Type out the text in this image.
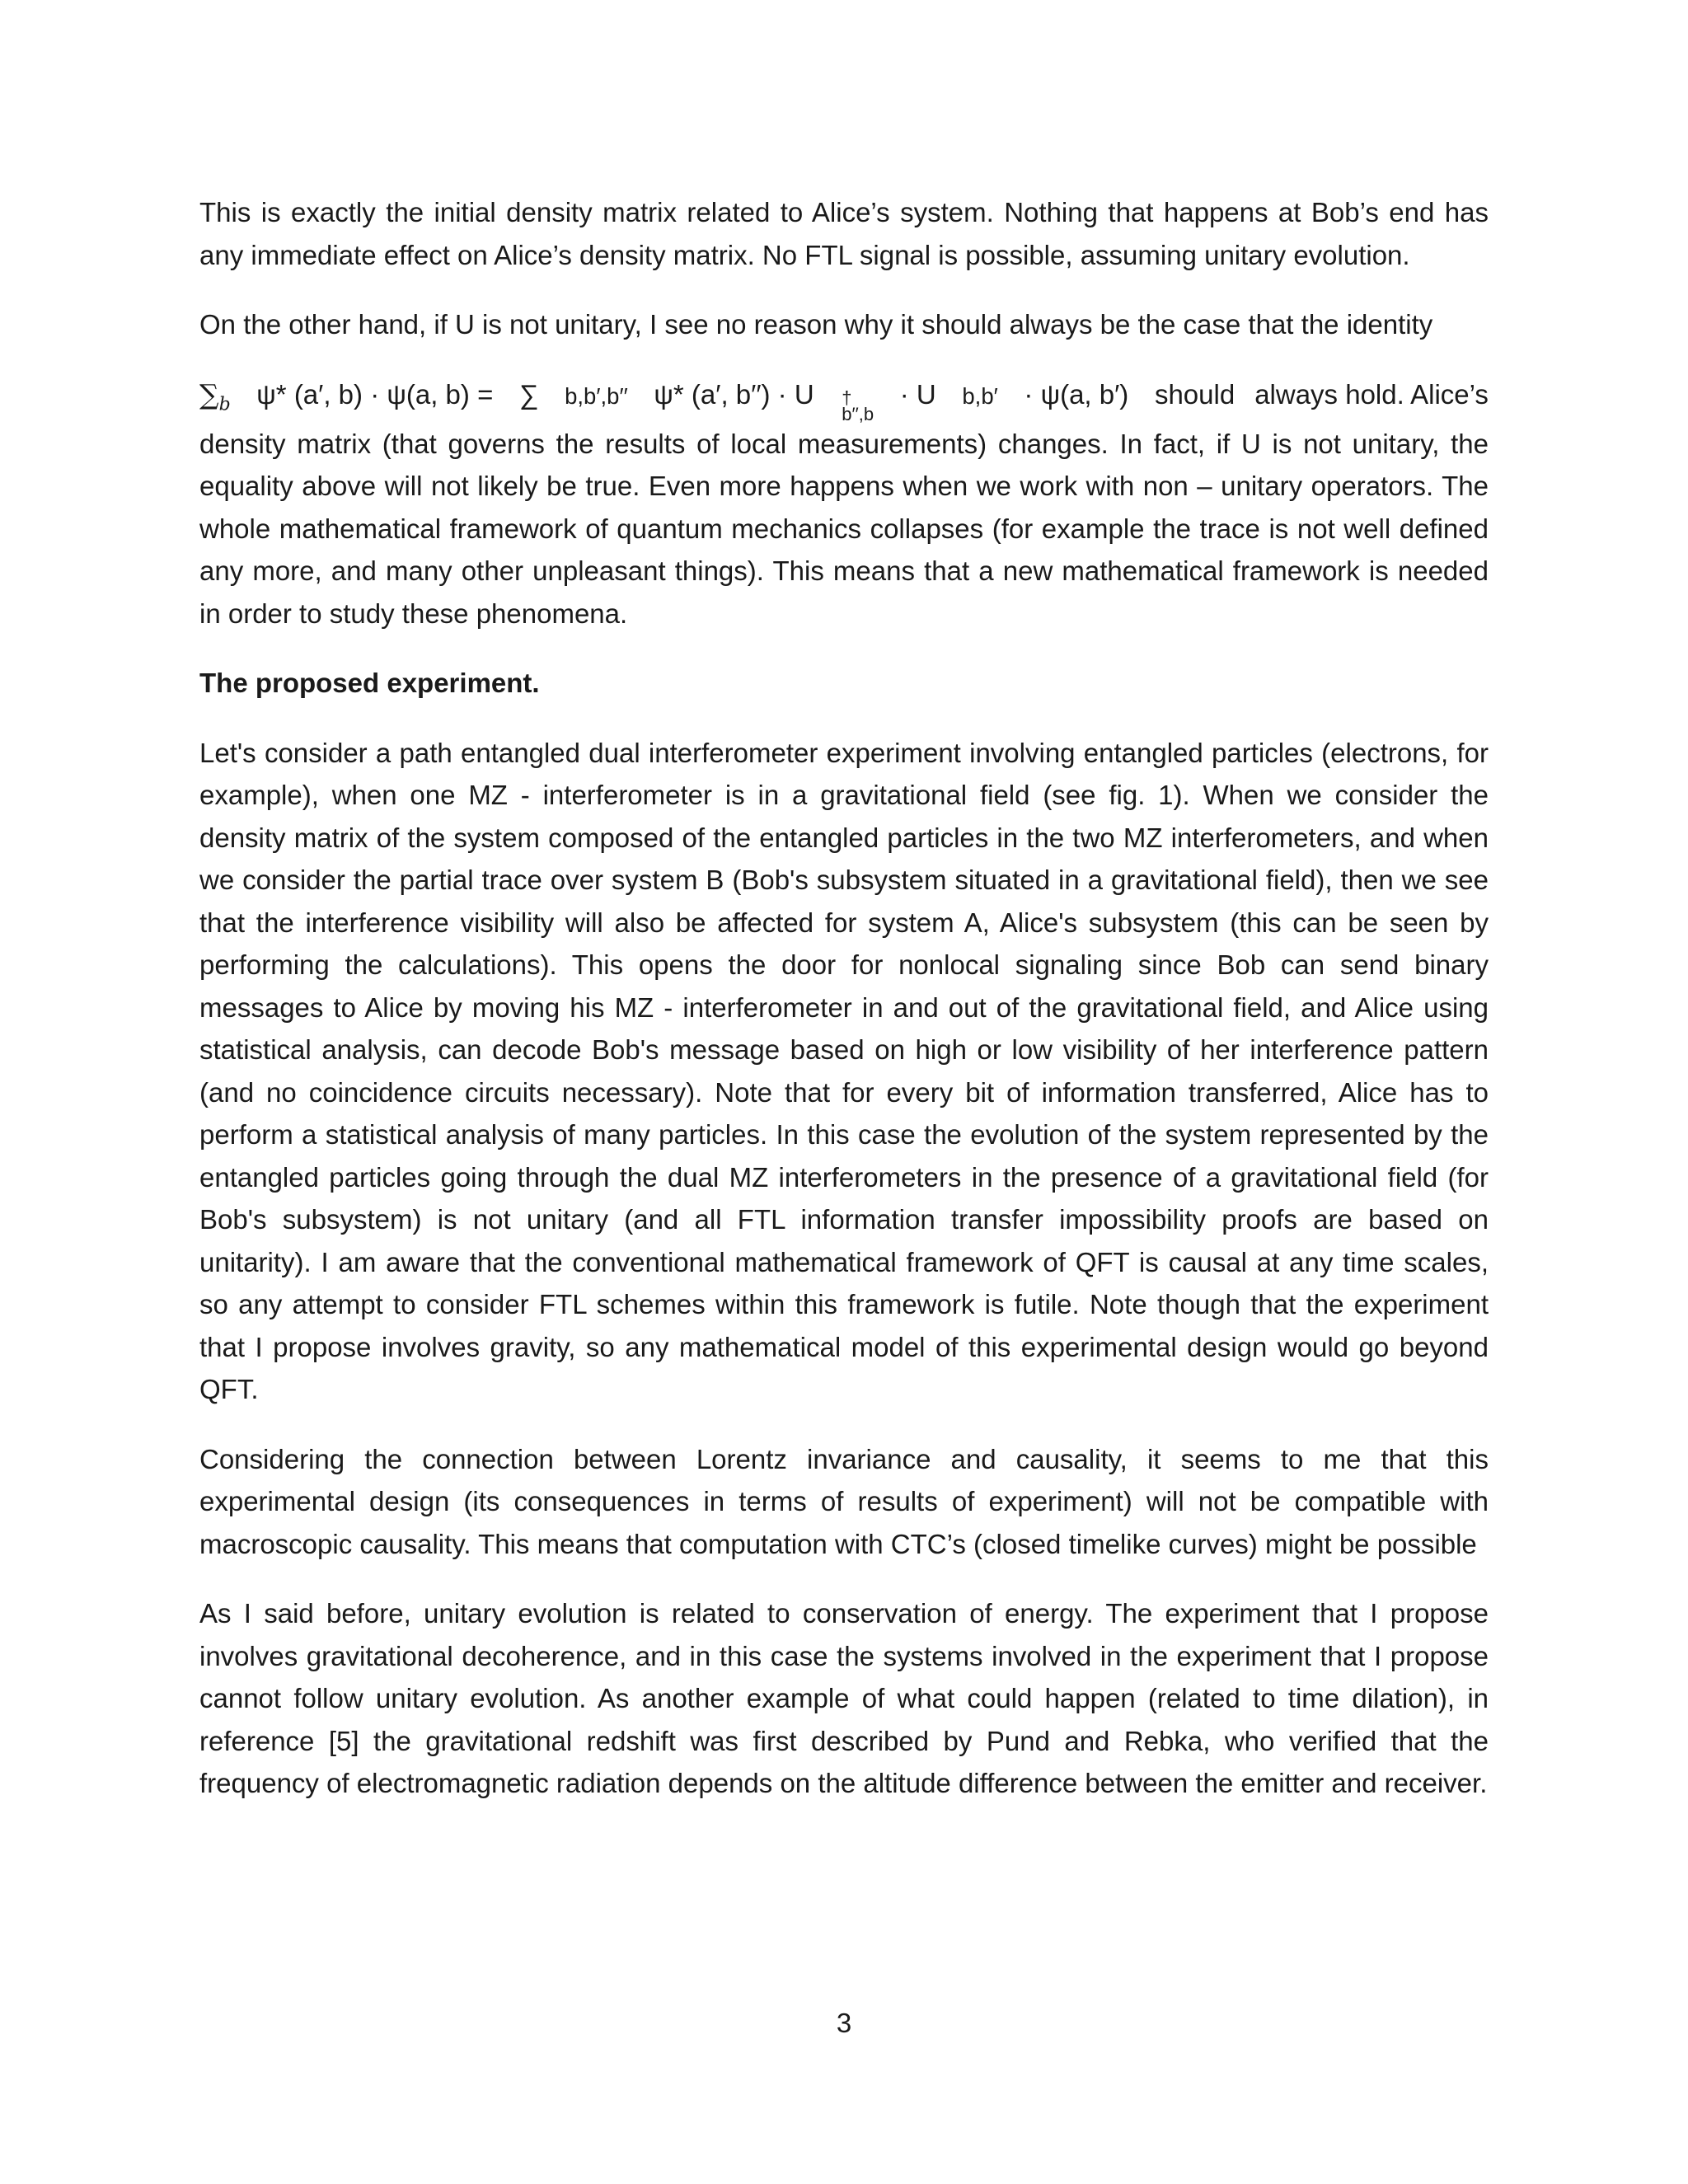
This is exactly the initial density matrix related to Alice’s system. Nothing that happens at Bob’s end has any immediate effect on Alice’s density matrix. No FTL signal is possible, assuming unitary evolution.

On the other hand, if U is not unitary, I see no reason why it should always be the case that the identity

$\sum_b$ ψ* (a′, b) · ψ(a, b) = ∑ b,b′,b′′ ψ* (a′, b′′) · U †
b′′,b
· U b,b′ · ψ(a, b′) should always hold. Alice’s

density matrix (that governs the results of local measurements) changes. In fact, if U is not unitary, the equality above will not likely be true. Even more happens when we work with non – unitary operators. The whole mathematical framework of quantum mechanics collapses (for example the trace is not well defined any more, and many other unpleasant things). This means that a new mathematical framework is needed in order to study these phenomena.

The proposed experiment.

Let's consider a path entangled dual interferometer experiment involving entangled particles (electrons, for example), when one MZ - interferometer is in a gravitational field (see fig. 1). When we consider the density matrix of the system composed of the entangled particles in the two MZ interferometers, and when we consider the partial trace over system B (Bob's subsystem situated in a gravitational field), then we see that the interference visibility will also be affected for system A, Alice's subsystem (this can be seen by performing the calculations). This opens the door for nonlocal signaling since Bob can send binary messages to Alice by moving his MZ - interferometer in and out of the gravitational field, and Alice using statistical analysis, can decode Bob's message based on high or low visibility of her interference pattern (and no coincidence circuits necessary). Note that for every bit of information transferred, Alice has to perform a statistical analysis of many particles. In this case the evolution of the system represented by the entangled particles going through the dual MZ interferometers in the presence of a gravitational field (for Bob's subsystem) is not unitary (and all FTL information transfer impossibility proofs are based on unitarity). I am aware that the conventional mathematical framework of QFT is causal at any time scales, so any attempt to consider FTL schemes within this framework is futile. Note though that the experiment that I propose involves gravity, so any mathematical model of this experimental design would go beyond QFT.

Considering the connection between Lorentz invariance and causality, it seems to me that this experimental design (its consequences in terms of results of experiment) will not be compatible with macroscopic causality. This means that computation with CTC’s (closed timelike curves) might be possible

As I said before, unitary evolution is related to conservation of energy. The experiment that I propose involves gravitational decoherence, and in this case the systems involved in the experiment that I propose cannot follow unitary evolution. As another example of what could happen (related to time dilation), in reference [5] the gravitational redshift was first described by Pund and Rebka, who verified that the frequency of electromagnetic radiation depends on the altitude difference between the emitter and receiver.

3
